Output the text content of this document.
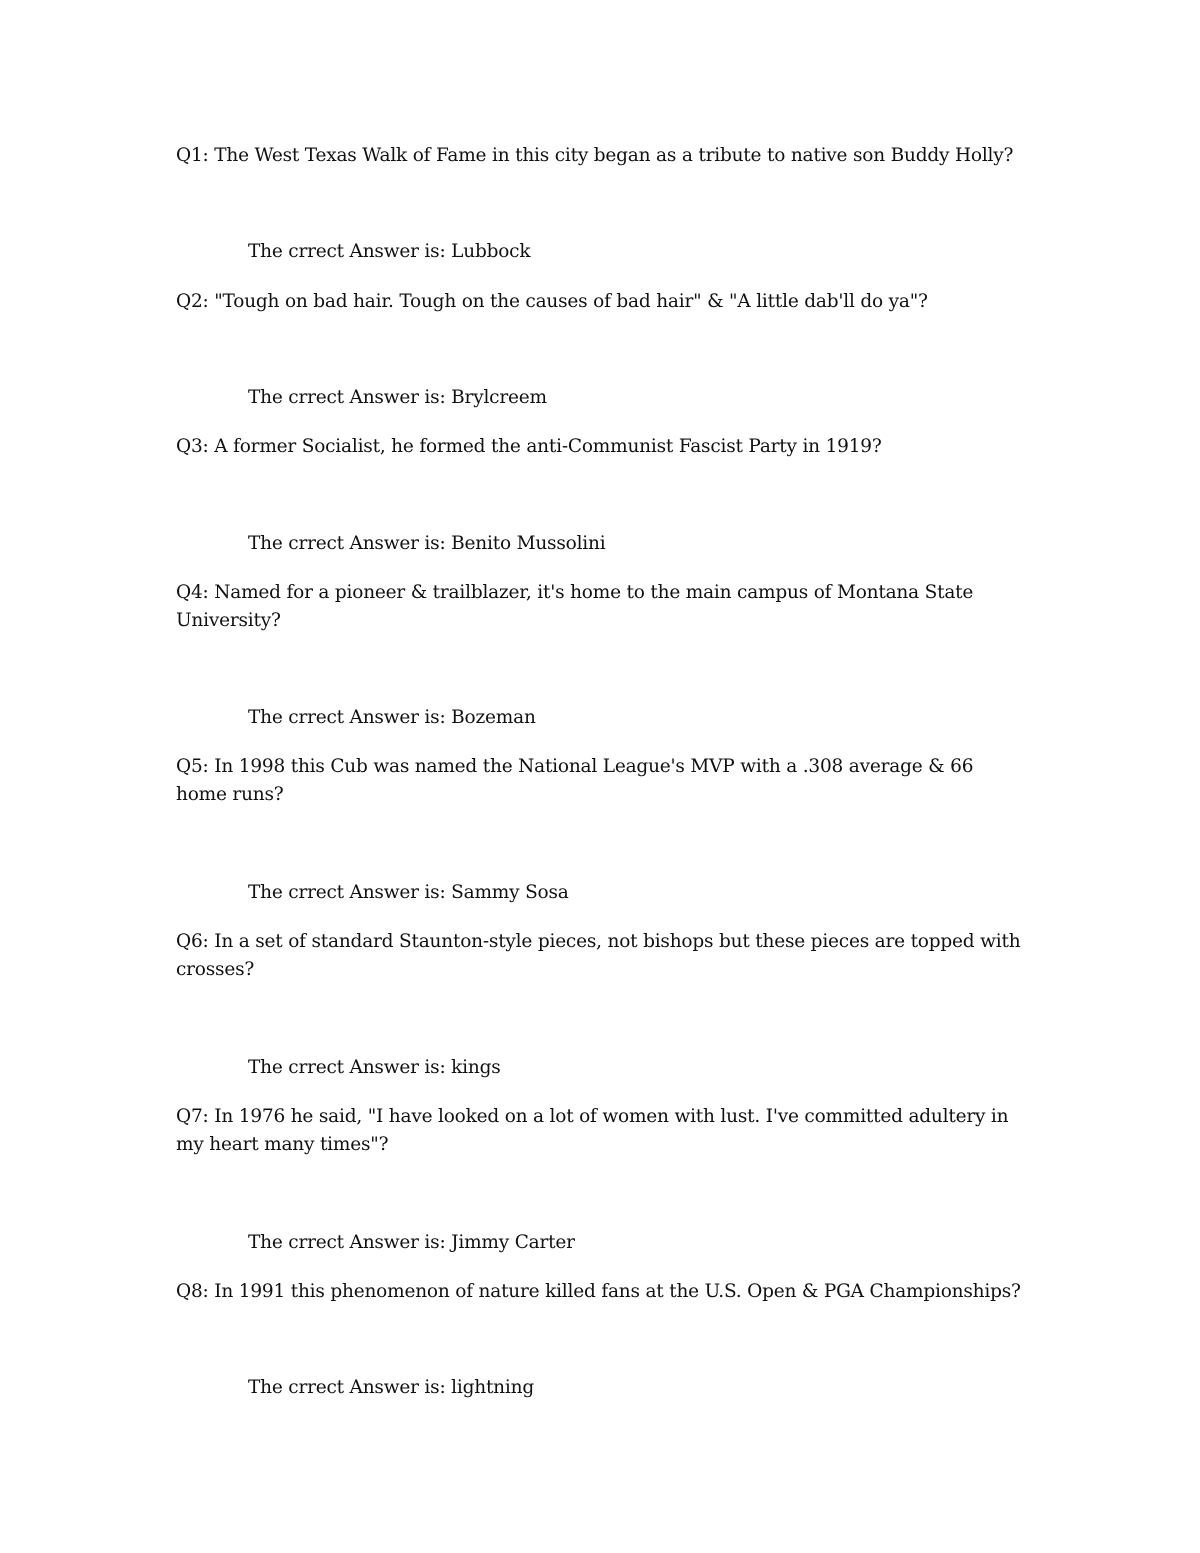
Q1: The West Texas Walk of Fame in this city began as a tribute to native son Buddy Holly?

The crrect Answer is: Lubbock

Q2: "Tough on bad hair. Tough on the causes of bad hair" & "A little dab'll do ya"?

The crrect Answer is: Brylcreem

Q3: A former Socialist, he formed the anti-Communist Fascist Party in 1919?

The crrect Answer is: Benito Mussolini

Q4: Named for a pioneer & trailblazer, it's home to the main campus of Montana State University?

The crrect Answer is: Bozeman

Q5: In 1998 this Cub was named the National League's MVP with a .308 average & 66 home runs?

The crrect Answer is: Sammy Sosa

Q6: In a set of standard Staunton-style pieces, not bishops but these pieces are topped with crosses?

The crrect Answer is: kings

Q7: In 1976 he said, "I have looked on a lot of women with lust. I've committed adultery in my heart many times"?

The crrect Answer is: Jimmy Carter

Q8: In 1991 this phenomenon of nature killed fans at the U.S. Open & PGA Championships?

The crrect Answer is: lightning
